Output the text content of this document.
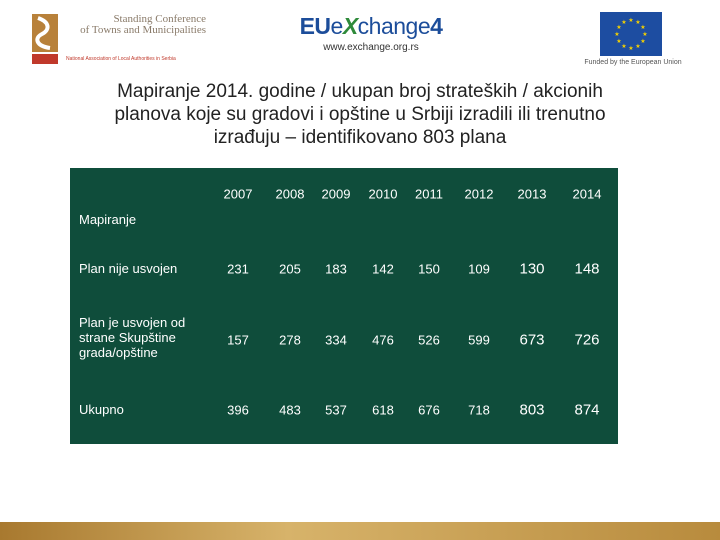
Standing Conference
of Towns and Municipalities
National Association of Local Authorities in Serbia
EUeXchange4
www.exchange.org.rs
★ ★
★
★
★
★
★
★
★
★
★
★
Funded by the European Union
Mapiranje 2014. godine / ukupan broj strateških / akcionih
planova koje su gradovi i opštine u Srbiji izradili ili trenutno
izrađuju – identifikovano 803 plana
2007 2008 2009 2010 2011 2012 2013 2014
Mapiranje
Plan nije usvojen	231 205 183 142 150 109 130 148
Plan je usvojen od strane Skupštine grada/opštine
157 278 334 476 526 599 673 726
Ukupno	396 483 537 618 676 718 803 874
